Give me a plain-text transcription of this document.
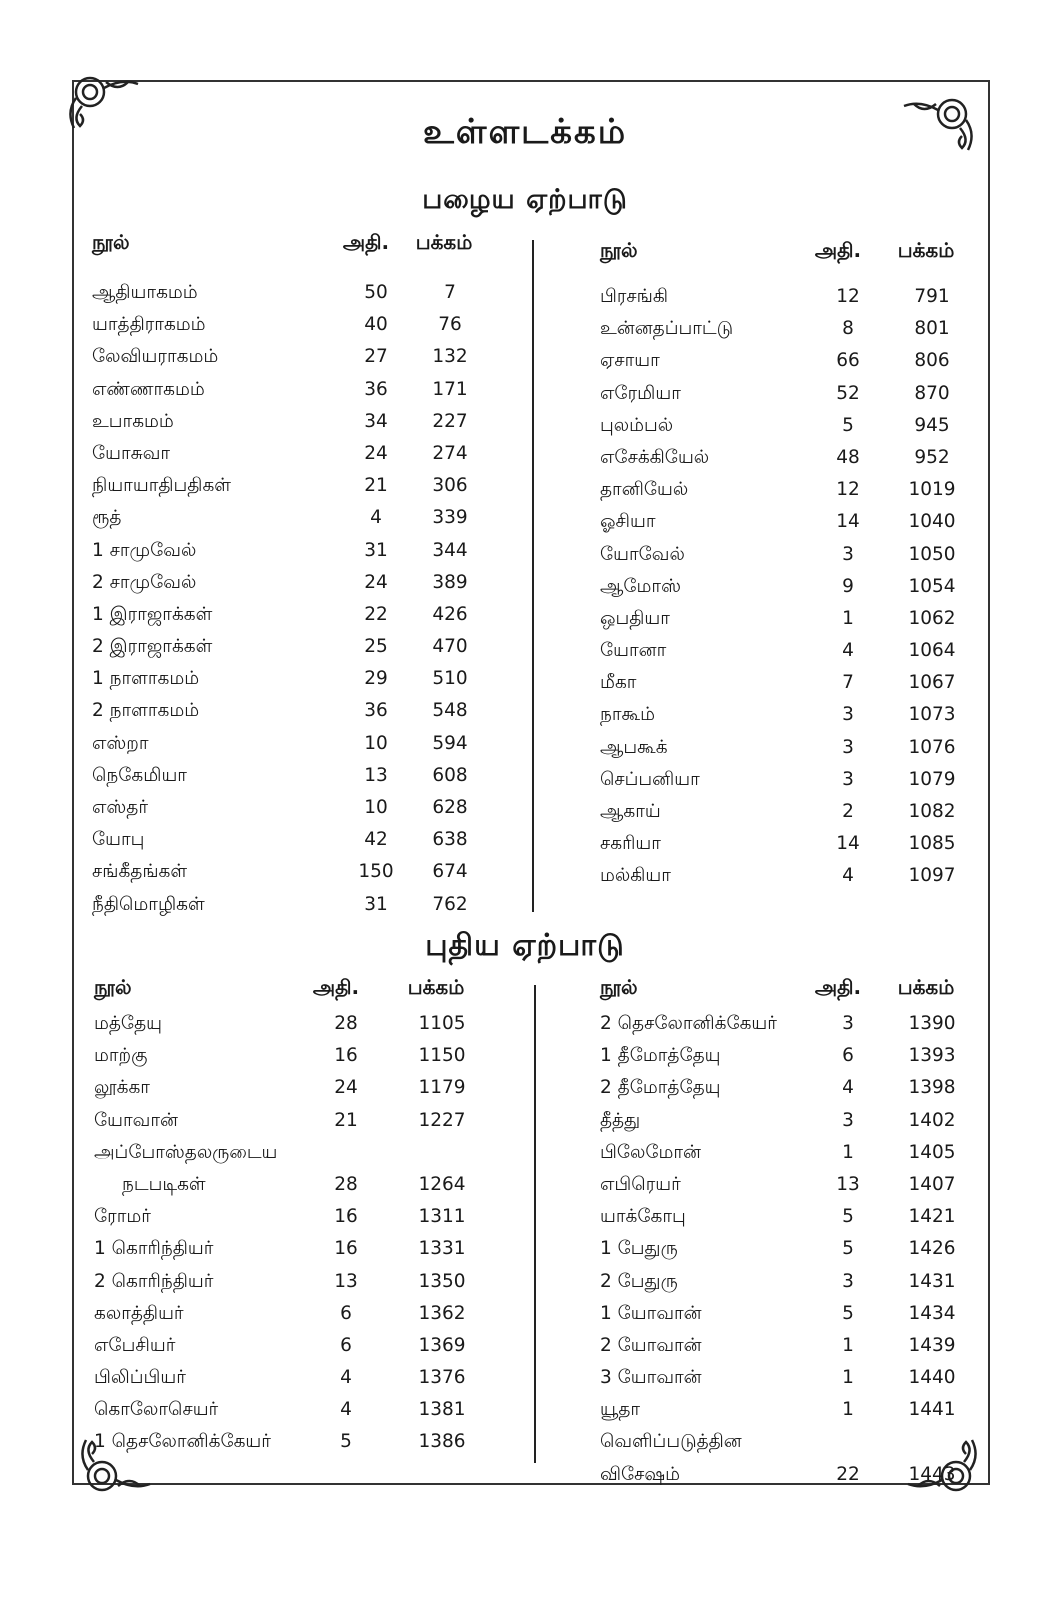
உள்ளடக்கம்
பழைய ஏற்பாடு
புதிய ஏற்பாடு
நூல்	அதி.	பக்கம்
ஆதியாகமம்	50	7
யாத்திராகமம்	40	76
லேவியராகமம்	27	132
எண்ணாகமம்	36	171
உபாகமம்	34	227
யோசுவா	24	274
நியாயாதிபதிகள்	21	306
ரூத்	4	339
1 சாமுவேல்	31	344
2 சாமுவேல்	24	389
1 இராஜாக்கள்	22	426
2 இராஜாக்கள்	25	470
1 நாளாகமம்	29	510
2 நாளாகமம்	36	548
எஸ்றா	10	594
நெகேமியா	13	608
எஸ்தர்	10	628
யோபு	42	638
சங்கீதங்கள்	150	674
நீதிமொழிகள்	31	762
நூல்	அதி.	பக்கம்
பிரசங்கி	12	791
உன்னதப்பாட்டு	8	801
ஏசாயா	66	806
எரேமியா	52	870
புலம்பல்	5	945
எசேக்கியேல்	48	952
தானியேல்	12	1019
ஓசியா	14	1040
யோவேல்	3	1050
ஆமோஸ்	9	1054
ஒபதியா	1	1062
யோனா	4	1064
மீகா	7	1067
நாகூம்	3	1073
ஆபகூக்	3	1076
செப்பனியா	3	1079
ஆகாய்	2	1082
சகரியா	14	1085
மல்கியா	4	1097
நூல்	அதி.	பக்கம்
மத்தேயு	28	1105
மாற்கு	16	1150
லூக்கா	24	1179
யோவான்	21	1227
அப்போஸ்தலருடைய
நடபடிகள்	28	1264
ரோமர்	16	1311
1 கொரிந்தியர்	16	1331
2 கொரிந்தியர்	13	1350
கலாத்தியர்	6	1362
எபேசியர்	6	1369
பிலிப்பியர்	4	1376
கொலோசெயர்	4	1381
1 தெசலோனிக்கேயர்	5	1386
நூல்	அதி.	பக்கம்
2 தெசலோனிக்கேயர்	3	1390
1 தீமோத்தேயு	6	1393
2 தீமோத்தேயு	4	1398
தீத்து	3	1402
பிலேமோன்	1	1405
எபிரெயர்	13	1407
யாக்கோபு	5	1421
1 பேதுரு	5	1426
2 பேதுரு	3	1431
1 யோவான்	5	1434
2 யோவான்	1	1439
3 யோவான்	1	1440
யூதா	1	1441
வெளிப்படுத்தின
விசேஷம்	22	1443
